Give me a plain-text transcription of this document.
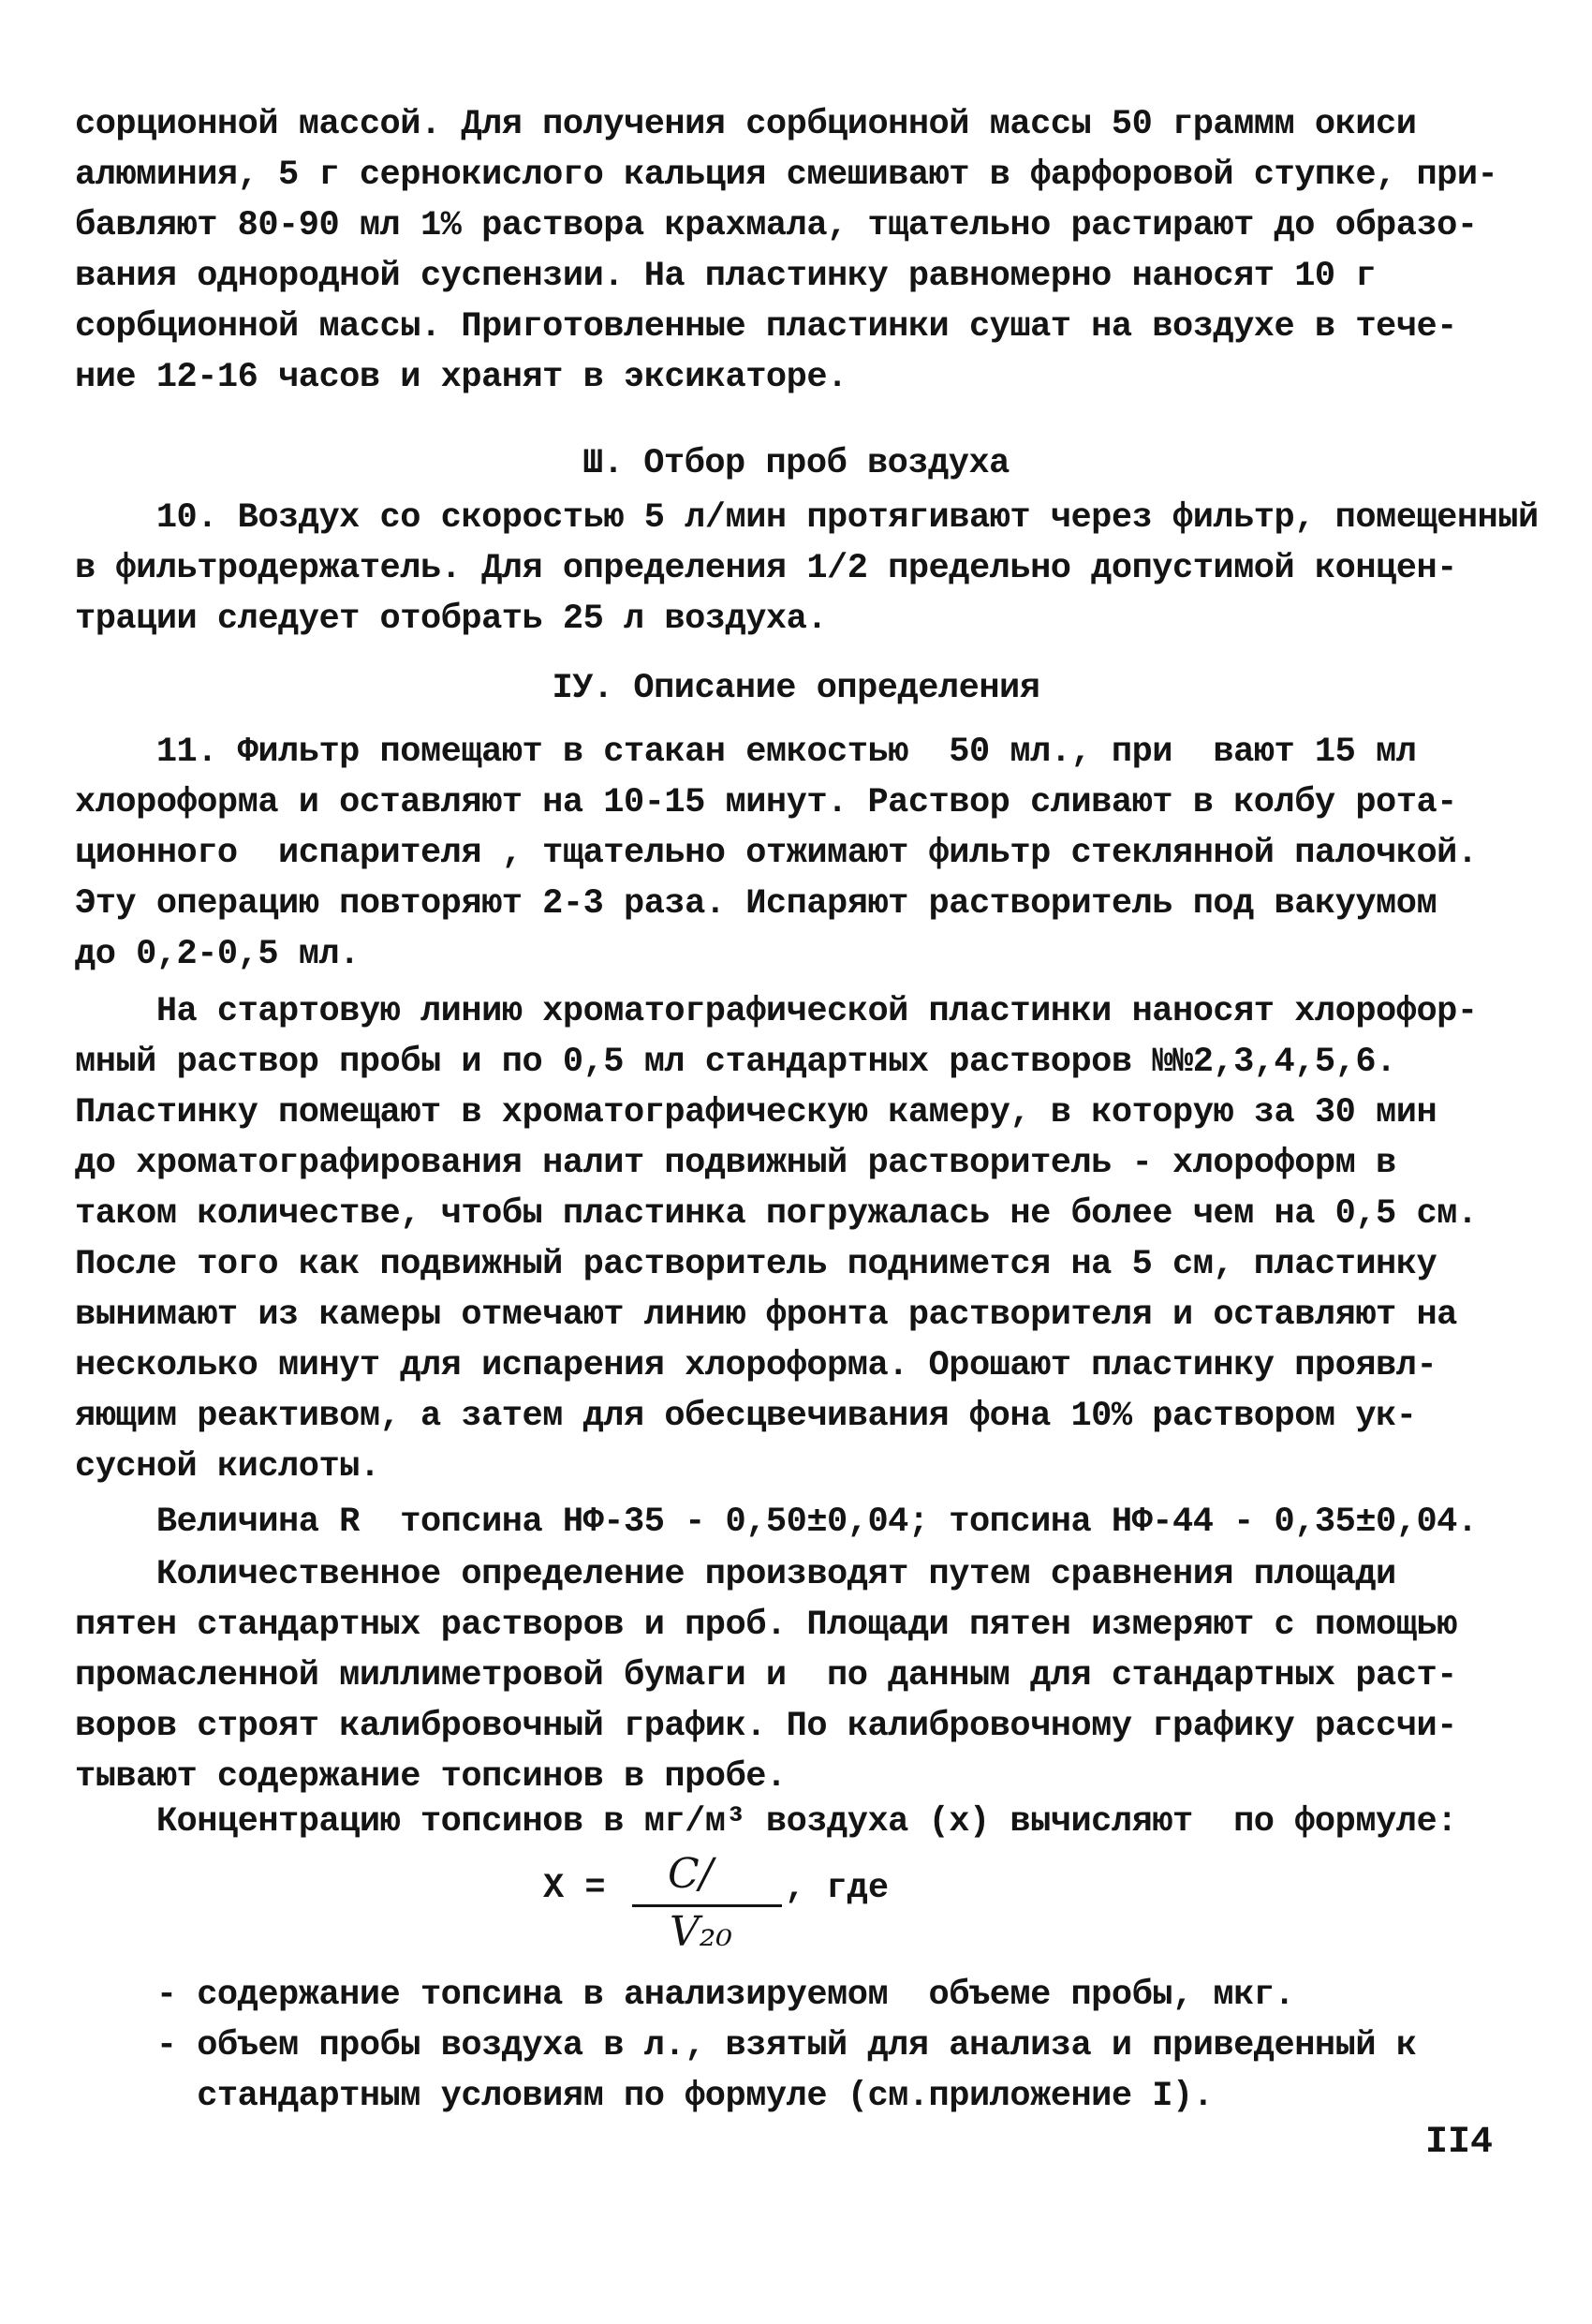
сорционной массой. Для получения сорбционной массы 50 граммм окиси
алюминия, 5 г сернокислого кальция смешивают в фарфоровой ступке, при-
бавляют 80-90 мл 1% раствора крахмала, тщательно растирают до образо-
вания однородной суспензии. На пластинку равномерно наносят 10 г
сорбционной массы. Приготовленные пластинки сушат на воздухе в тече-
ние 12-16 часов и хранят в эксикаторе.
Ш. Отбор проб воздуха
10. Воздух со скоростью 5 л/мин протягивают через фильтр, помещенный
в фильтродержатель. Для определения 1/2 предельно допустимой концен-
трации следует отобрать 25 л воздуха.
IУ. Описание определения
11. Фильтр помещают в стакан емкостью  50 мл., при  вают 15 мл
хлороформа и оставляют на 10-15 минут. Раствор сливают в колбу рота-
ционного  испарителя , тщательно отжимают фильтр стеклянной палочкой.
Эту операцию повторяют 2-3 раза. Испаряют растворитель под вакуумом
до 0,2-0,5 мл.
На стартовую линию хроматографической пластинки наносят хлорофор-
мный раствор пробы и по 0,5 мл стандартных растворов №№2,3,4,5,6.
Пластинку помещают в хроматографическую камеру, в которую за 30 мин
до хроматографирования налит подвижный растворитель - хлороформ в
таком количестве, чтобы пластинка погружалась не более чем на 0,5 см.
После того как подвижный растворитель поднимется на 5 см, пластинку
вынимают из камеры отмечают линию фронта растворителя и оставляют на
несколько минут для испарения хлороформа. Орошают пластинку проявл-
яющим реактивом, а затем для обесцвечивания фона 10% раствором ук-
сусной кислоты.
Величина R  топсина НФ-35 - 0,50±0,04; топсина НФ-44 - 0,35±0,04.
Количественное определение производят путем сравнения площади
пятен стандартных растворов и проб. Площади пятен измеряют с помощью
промасленной миллиметровой бумаги и  по данным для стандартных раст-
воров строят калибровочный график. По калибровочному графику рассчи-
тывают содержание топсинов в пробе.
Концентрацию топсинов в мг/м³ воздуха (х) вычисляют  по формуле:
Х = С/
V₂₀
, где
- содержание топсина в анализируемом  объеме пробы, мкг.
- объем пробы воздуха в л., взятый для анализа и приведенный к
стандартным условиям по формуле (см.приложение I).
II4
